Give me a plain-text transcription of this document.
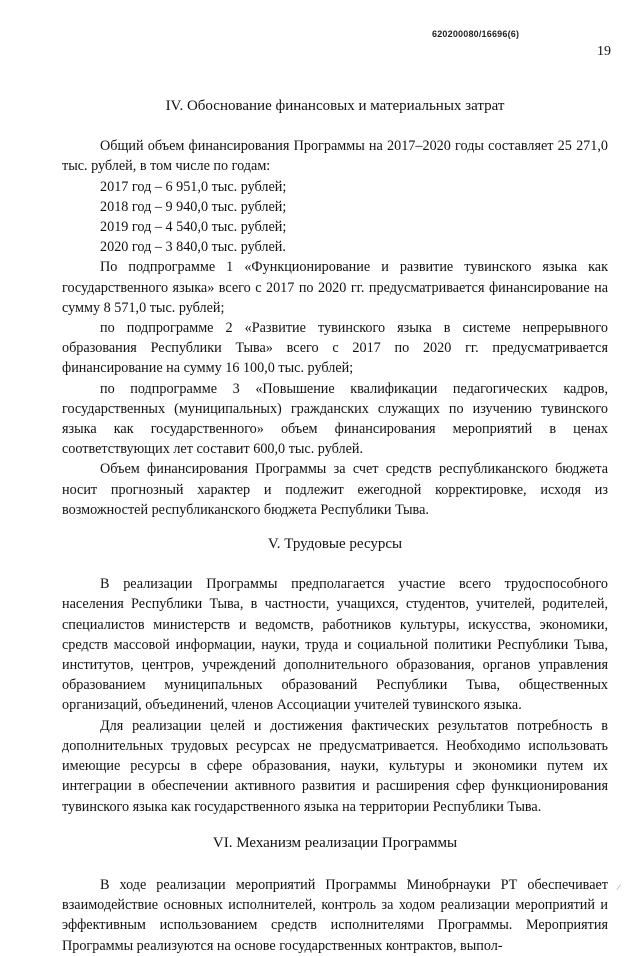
620200080/16696(6)
19
IV. Обоснование финансовых и материальных затрат

Общий объем финансирования Программы на 2017–2020 годы составляет 25 271,0 тыс. рублей, в том числе по годам:

2017 год – 6 951,0 тыс. рублей;

2018 год – 9 940,0 тыс. рублей;

2019 год – 4 540,0 тыс. рублей;

2020 год – 3 840,0 тыс. рублей.

По подпрограмме 1 «Функционирование и развитие тувинского языка как государственного языка» всего с 2017 по 2020 гг. предусматривается финансирование на сумму 8 571,0 тыс. рублей;

по подпрограмме 2 «Развитие тувинского языка в системе непрерывного образования Республики Тыва» всего с 2017 по 2020 гг. предусматривается финансирование на сумму 16 100,0 тыс. рублей;

по подпрограмме 3 «Повышение квалификации педагогических кадров, государственных (муниципальных) гражданских служащих по изучению тувинского языка как государственного» объем финансирования мероприятий в ценах соответствующих лет составит 600,0 тыс. рублей.

Объем финансирования Программы за счет средств республиканского бюджета носит прогнозный характер и подлежит ежегодной корректировке, исходя из возможностей республиканского бюджета Республики Тыва.

V. Трудовые ресурсы

В реализации Программы предполагается участие всего трудоспособного населения Республики Тыва, в частности, учащихся, студентов, учителей, родителей, специалистов министерств и ведомств, работников культуры, искусства, экономики, средств массовой информации, науки, труда и социальной политики Республики Тыва, институтов, центров, учреждений дополнительного образования, органов управления образованием муниципальных образований Республики Тыва, общественных организаций, объединений, членов Ассоциации учителей тувинского языка.

Для реализации целей и достижения фактических результатов потребность в дополнительных трудовых ресурсах не предусматривается. Необходимо использовать имеющие ресурсы в сфере образования, науки, культуры и экономики путем их интеграции в обеспечении активного развития и расширения сфер функционирования тувинского языка как государственного языка на территории Республики Тыва.

VI. Механизм реализации Программы

В ходе реализации мероприятий Программы Минобрнауки РТ обеспечивает взаимодействие основных исполнителей, контроль за ходом реализации мероприятий и эффективным использованием средств исполнителями Программы. Мероприятия Программы реализуются на основе государственных контрактов, выпол-

⁄
